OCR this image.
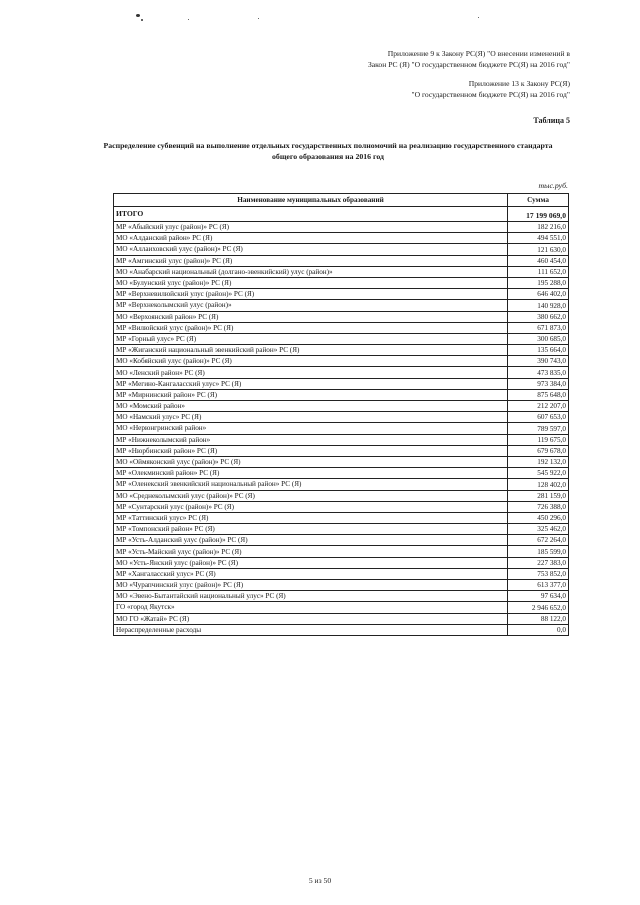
Приложение 9 к Закону РС(Я) "О внесении изменений в
Закон РС (Я) "О государственном бюджете РС(Я) на 2016 год"
Приложение 13 к Закону РС(Я)
"О государственном бюджете РС(Я) на 2016 год"
Таблица 5
Распределение субвенций на выполнение отдельных государственных полномочий на реализацию государственного стандарта
общего образования на 2016 год
тыс.руб.
Наименование муниципальных образований	Сумма
ИТОГО	17 199 069,0
МР «Абыйский улус (район)» РС (Я)	182 216,0
МО «Алданский район» РС (Я)	494 551,0
МО «Аллаиховский улус (район)» РС (Я)	121 630,0
МР «Амгинский улус (район)» РС (Я)	460 454,0
МО «Анабарский национальный (долгано-эвенкийский) улус (район)»	111 652,0
МО «Булунский улус (район)» РС (Я)	195 288,0
МР «Верхневилюйский улус (район)» РС (Я)	646 402,0
МР «Верхнеколымский улус (район)»	140 928,0
МО «Верхоянский район» РС (Я)	380 662,0
МР «Вилюйский улус (район)» РС (Я)	671 873,0
МР «Горный улус» РС (Я)	300 685,0
МР «Жиганский национальный эвенкийский район» РС (Я)	135 664,0
МО «Кобяйский улус (район)» РС (Я)	390 743,0
МО «Ленский район» РС (Я)	473 835,0
МР «Мегино-Кангаласский улус» РС (Я)	973 384,0
МР «Мирнинский район» РС (Я)	875 648,0
МО «Момский район»	212 207,0
МО «Намский улус» РС (Я)	607 653,0
МО «Нерюнгринский район»	789 597,0
МР «Нижнеколымский район»	119 675,0
МР «Нюрбинский район» РС (Я)	679 678,0
МО «Оймяконский улус (район)» РС (Я)	192 132,0
МР «Олекминский район» РС (Я)	545 922,0
МР «Оленекский эвенкийский национальный район» РС (Я)	128 402,0
МО «Среднеколымский улус (район)» РС (Я)	281 159,0
МР «Сунтарский улус (район)» РС (Я)	726 388,0
МР «Таттинский улус» РС (Я)	450 296,0
МР «Томпонский район» РС (Я)	325 462,0
МР «Усть-Алданский улус (район)» РС (Я)	672 264,0
МР «Усть-Майский улус (район)» РС (Я)	185 599,0
МО «Усть-Янский улус (район)» РС (Я)	227 383,0
МР «Хангаласский улус» РС (Я)	753 852,0
МО «Чурапчинский улус (район)» РС (Я)	613 377,0
МО «Эвено-Бытантайский национальный улус» РС (Я)	97 634,0
ГО «город Якутск»	2 946 652,0
МО ГО «Жатай» РС (Я)	88 122,0
Нераспределенные расходы	0,0
5 из 50
